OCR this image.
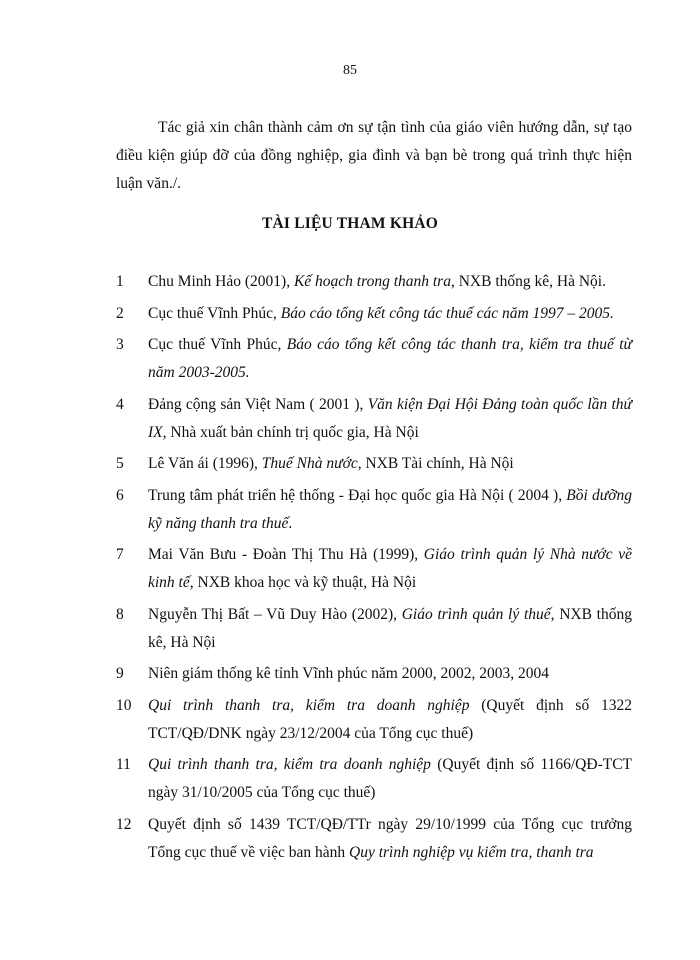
85
Tác giả xin chân thành cảm ơn sự tận tình của giáo viên hướng dẫn, sự tạo điều kiện giúp đỡ của đồng nghiệp, gia đình và bạn bè trong quá trình thực hiện luận văn./.
TÀI LIỆU THAM KHẢO
1	Chu Minh Hảo (2001), Kế hoạch trong thanh tra, NXB thống kê, Hà Nội.
2	Cục thuế Vĩnh Phúc, Báo cáo tổng kết công tác thuế các năm 1997 – 2005.
3	Cục thuế Vĩnh Phúc, Báo cáo tổng kết công tác thanh tra, kiểm tra thuế từ năm 2003-2005.
4	Đảng cộng sản Việt Nam ( 2001 ), Văn kiện Đại Hội Đảng toàn quốc lần thứ IX, Nhà xuất bản chính trị quốc gia, Hà Nội
5	Lê Văn ái (1996), Thuế Nhà nước, NXB Tài chính, Hà Nội
6	Trung tâm phát triển hệ thống - Đại học quốc gia Hà Nội ( 2004 ), Bồi dưỡng kỹ năng thanh tra thuế.
7	Mai Văn Bưu - Đoàn Thị Thu Hà (1999), Giáo trình quản lý Nhà nước về kinh tế, NXB khoa học và kỹ thuật, Hà Nội
8	Nguyễn Thị Bất – Vũ Duy Hào (2002), Giáo trình quản lý thuế, NXB thống kê, Hà Nội
9	Niên giám thống kê tỉnh Vĩnh phúc năm 2000, 2002, 2003, 2004
10	Qui trình thanh tra, kiểm tra doanh nghiệp (Quyết định số 1322 TCT/QĐ/DNK ngày 23/12/2004 của Tổng cục thuế)
11	Qui trình thanh tra, kiểm tra doanh nghiệp (Quyết định số 1166/QĐ-TCT ngày 31/10/2005 của Tổng cục thuế)
12	Quyết định số 1439 TCT/QĐ/TTr ngày 29/10/1999 của Tổng cục trưởng Tổng cục thuế về việc ban hành Quy trình nghiệp vụ kiểm tra, thanh tra
